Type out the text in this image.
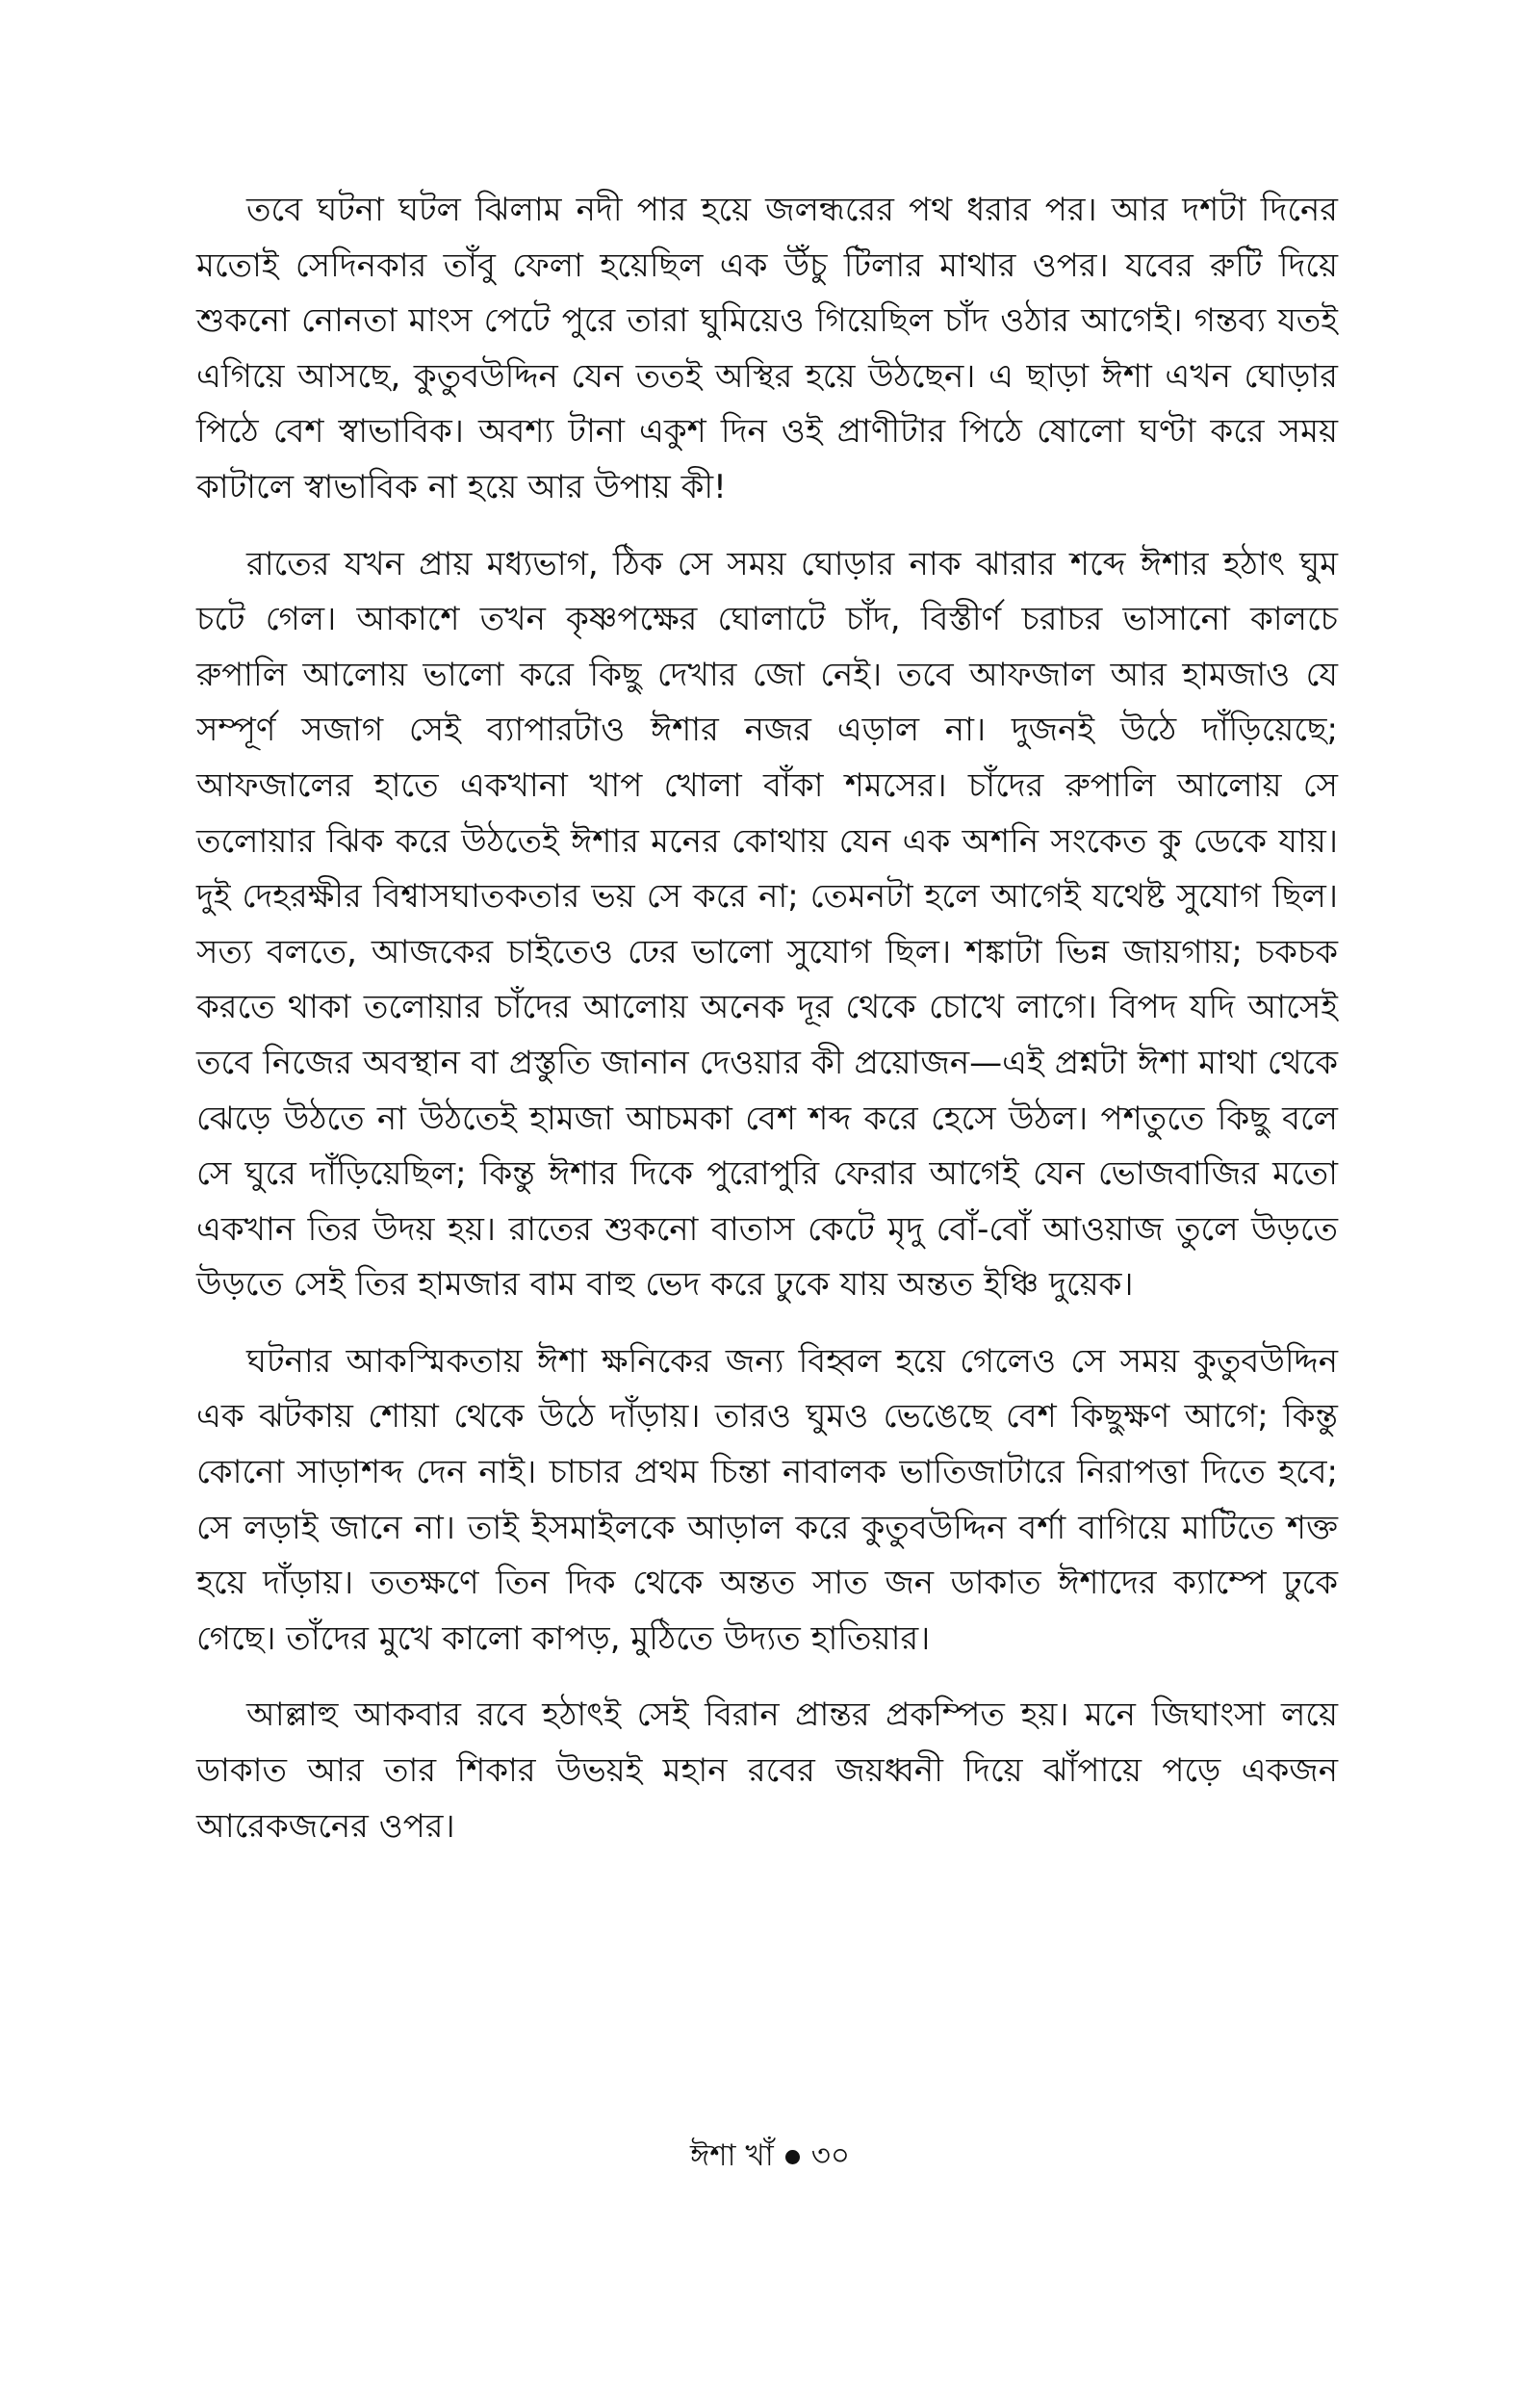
তবে ঘটনা ঘটল ঝিলাম নদী পার হয়ে জলন্ধরের পথ ধরার পর। আর দশটা দিনের মতোই সেদিনকার তাঁবু ফেলা হয়েছিল এক উঁচু টিলার মাথার ওপর। যবের রুটি দিয়ে শুকনো নোনতা মাংস পেটে পুরে তারা ঘুমিয়েও গিয়েছিল চাঁদ ওঠার আগেই। গন্তব্য যতই এগিয়ে আসছে, কুতুবউদ্দিন যেন ততই অস্থির হয়ে উঠছেন। এ ছাড়া ঈশা এখন ঘোড়ার পিঠে বেশ স্বাভাবিক। অবশ্য টানা একুশ দিন ওই প্রাণীটার পিঠে ষোলো ঘণ্টা করে সময় কাটালে স্বাভাবিক না হয়ে আর উপায় কী!

রাতের যখন প্রায় মধ্যভাগ, ঠিক সে সময় ঘোড়ার নাক ঝারার শব্দে ঈশার হঠাৎ ঘুম চটে গেল। আকাশে তখন কৃষ্ণপক্ষের ঘোলাটে চাঁদ, বিস্তীর্ণ চরাচর ভাসানো কালচে রুপালি আলোয় ভালো করে কিছু দেখার জো নেই। তবে আফজাল আর হামজাও যে সম্পূর্ণ সজাগ সেই ব্যাপারটাও ঈশার নজর এড়াল না। দুজনই উঠে দাঁড়িয়েছে; আফজালের হাতে একখানা খাপ খোলা বাঁকা শমসের। চাঁদের রুপালি আলোয় সে তলোয়ার ঝিক করে উঠতেই ঈশার মনের কোথায় যেন এক অশনি সংকেত কু ডেকে যায়। দুই দেহরক্ষীর বিশ্বাসঘাতকতার ভয় সে করে না; তেমনটা হলে আগেই যথেষ্ট সুযোগ ছিল। সত্য বলতে, আজকের চাইতেও ঢের ভালো সুযোগ ছিল। শঙ্কাটা ভিন্ন জায়গায়; চকচক করতে থাকা তলোয়ার চাঁদের আলোয় অনেক দূর থেকে চোখে লাগে। বিপদ যদি আসেই তবে নিজের অবস্থান বা প্রস্তুতি জানান দেওয়ার কী প্রয়োজন—এই প্রশ্নটা ঈশা মাথা থেকে ঝেড়ে উঠতে না উঠতেই হামজা আচমকা বেশ শব্দ করে হেসে উঠল। পশতুতে কিছু বলে সে ঘুরে দাঁড়িয়েছিল; কিন্তু ঈশার দিকে পুরোপুরি ফেরার আগেই যেন ভোজবাজির মতো একখান তির উদয় হয়। রাতের শুকনো বাতাস কেটে মৃদু বোঁ-বোঁ আওয়াজ তুলে উড়তে উড়তে সেই তির হামজার বাম বাহু ভেদ করে ঢুকে যায় অন্তত ইঞ্চি দুয়েক।

ঘটনার আকস্মিকতায় ঈশা ক্ষনিকের জন্য বিহ্বল হয়ে গেলেও সে সময় কুতুবউদ্দিন এক ঝটকায় শোয়া থেকে উঠে দাঁড়ায়। তারও ঘুমও ভেঙেছে বেশ কিছুক্ষণ আগে; কিন্তু কোনো সাড়াশব্দ দেন নাই। চাচার প্রথম চিন্তা নাবালক ভাতিজাটারে নিরাপত্তা দিতে হবে; সে লড়াই জানে না। তাই ইসমাইলকে আড়াল করে কুতুবউদ্দিন বর্শা বাগিয়ে মাটিতে শক্ত হয়ে দাঁড়ায়। ততক্ষণে তিন দিক থেকে অন্তত সাত জন ডাকাত ঈশাদের ক্যাম্পে ঢুকে গেছে। তাঁদের মুখে কালো কাপড়, মুঠিতে উদ্যত হাতিয়ার।

আল্লাহু আকবার রবে হঠাৎই সেই বিরান প্রান্তর প্রকম্পিত হয়। মনে জিঘাংসা লয়ে ডাকাত আর তার শিকার উভয়ই মহান রবের জয়ধ্বনী দিয়ে ঝাঁপায়ে পড়ে একজন আরেকজনের ওপর।

ঈশা খাঁ ৩০
